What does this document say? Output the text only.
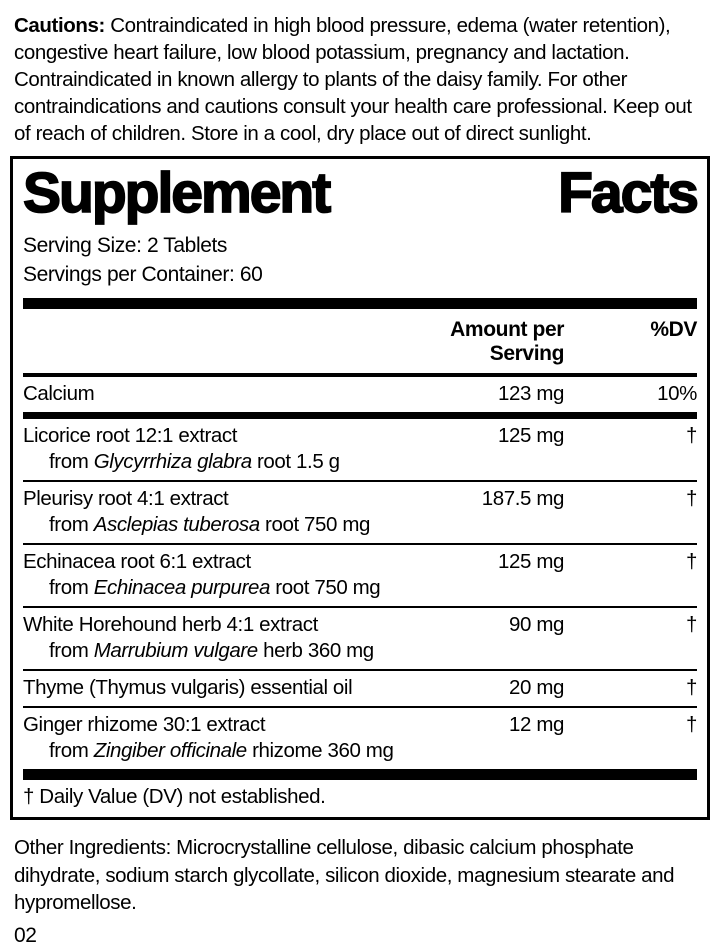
Cautions: Contraindicated in high blood pressure, edema (water retention), congestive heart failure, low blood potassium, pregnancy and lactation. Contraindicated in known allergy to plants of the daisy family. For other contraindications and cautions consult your health care professional. Keep out of reach of children. Store in a cool, dry place out of direct sunlight.
Supplement	Facts
Serving Size: 2 Tablets
Servings per Container: 60
Amount per Serving
%DV
Calcium	123 mg	10%
Licorice root 12:1 extract	125 mg	†
from Glycyrrhiza glabra root 1.5 g
Pleurisy root 4:1 extract	187.5 mg	†
from Asclepias tuberosa root 750 mg
Echinacea root 6:1 extract	125 mg	†
from Echinacea purpurea root 750 mg
White Horehound herb 4:1 extract	90 mg	†
from Marrubium vulgare herb 360 mg
Thyme (Thymus vulgaris) essential oil	20 mg	†
Ginger rhizome 30:1 extract	12 mg	†
from Zingiber officinale rhizome 360 mg
† Daily Value (DV) not established.
Other Ingredients: Microcrystalline cellulose, dibasic calcium phosphate dihydrate, sodium starch glycollate, silicon dioxide, magnesium stearate and hypromellose.
02
